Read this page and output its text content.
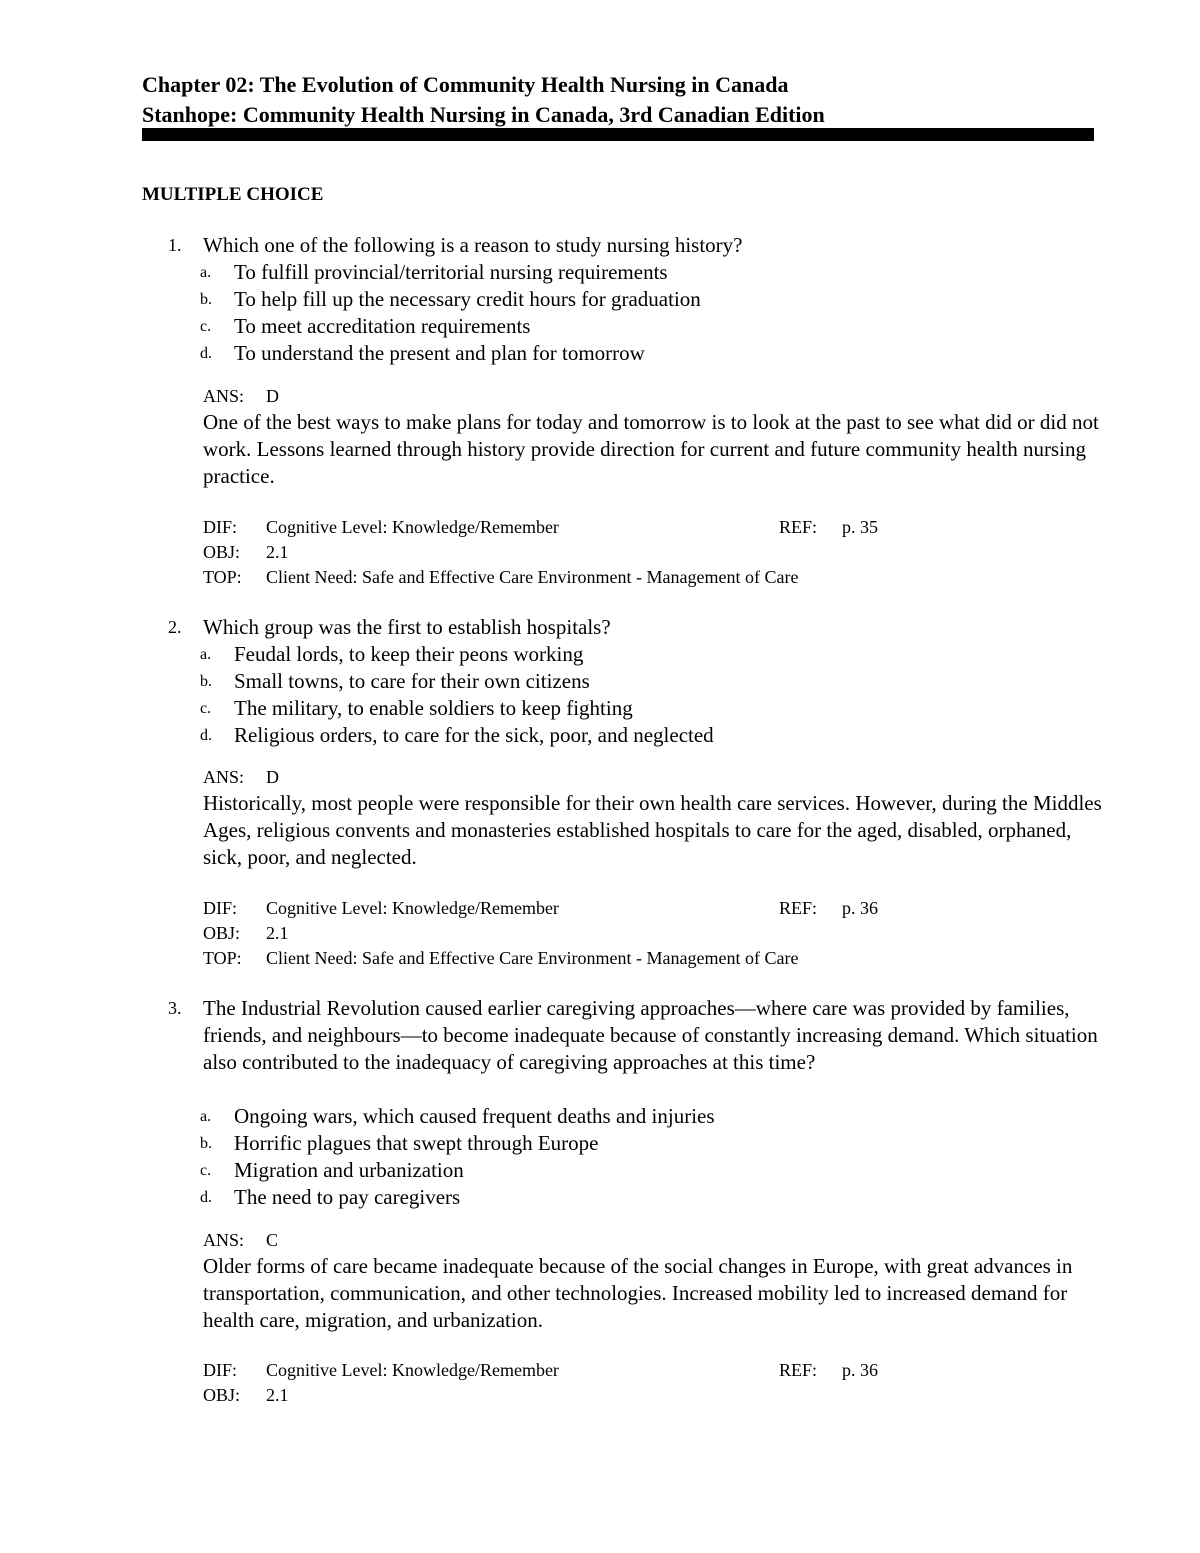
Chapter 02: The Evolution of Community Health Nursing in Canada
Stanhope: Community Health Nursing in Canada, 3rd Canadian Edition
MULTIPLE CHOICE
1. Which one of the following is a reason to study nursing history?
a. To fulfill provincial/territorial nursing requirements
b. To help fill up the necessary credit hours for graduation
c. To meet accreditation requirements
d. To understand the present and plan for tomorrow
ANS: D
One of the best ways to make plans for today and tomorrow is to look at the past to see what did or did not work. Lessons learned through history provide direction for current and future community health nursing practice.
DIF: Cognitive Level: Knowledge/Remember	REF: p. 35
OBJ: 2.1
TOP: Client Need: Safe and Effective Care Environment - Management of Care
2. Which group was the first to establish hospitals?
a. Feudal lords, to keep their peons working
b. Small towns, to care for their own citizens
c. The military, to enable soldiers to keep fighting
d. Religious orders, to care for the sick, poor, and neglected
ANS: D
Historically, most people were responsible for their own health care services. However, during the Middles Ages, religious convents and monasteries established hospitals to care for the aged, disabled, orphaned, sick, poor, and neglected.
DIF: Cognitive Level: Knowledge/Remember	REF: p. 36
OBJ: 2.1
TOP: Client Need: Safe and Effective Care Environment - Management of Care
3. The Industrial Revolution caused earlier caregiving approaches—where care was provided by families, friends, and neighbours—to become inadequate because of constantly increasing demand. Which situation also contributed to the inadequacy of caregiving approaches at this time?
a. Ongoing wars, which caused frequent deaths and injuries
b. Horrific plagues that swept through Europe
c. Migration and urbanization
d. The need to pay caregivers
ANS: C
Older forms of care became inadequate because of the social changes in Europe, with great advances in transportation, communication, and other technologies. Increased mobility led to increased demand for health care, migration, and urbanization.
DIF: Cognitive Level: Knowledge/Remember	REF: p. 36
OBJ: 2.1
